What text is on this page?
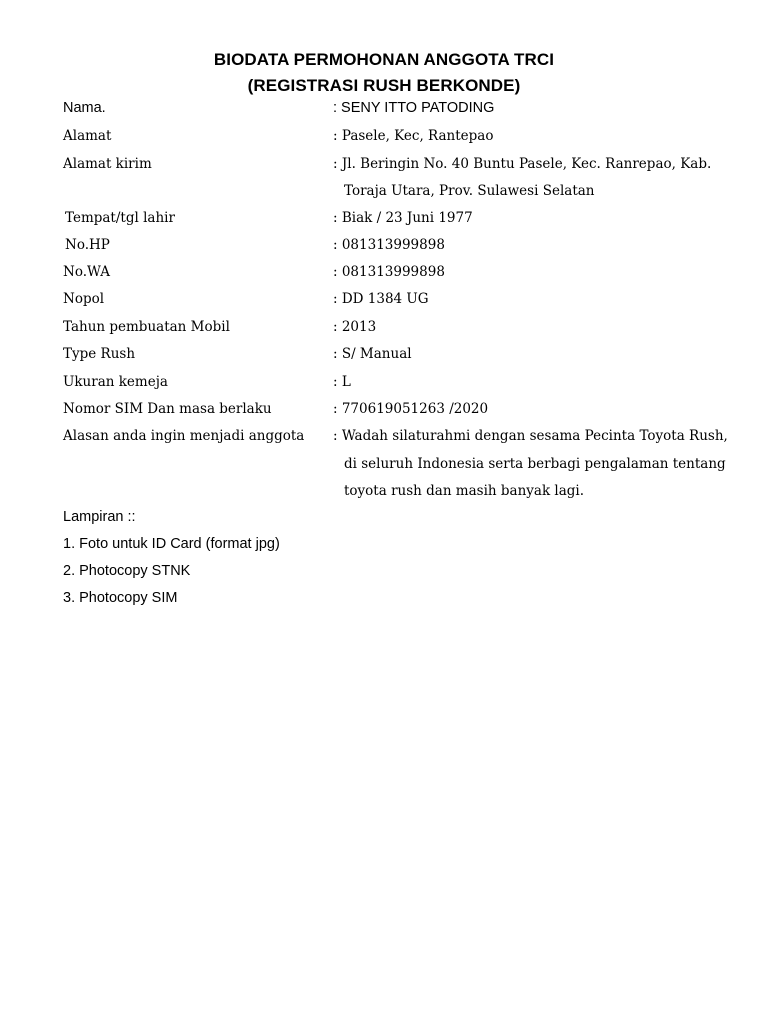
BIODATA PERMOHONAN ANGGOTA TRCI
(REGISTRASI RUSH BERKONDE)
Nama.	: SENY ITTO PATODING
Alamat	: Pasele, Kec, Rantepao
Alamat kirim	: Jl. Beringin No. 40 Buntu Pasele, Kec. Ranrepao, Kab.
Toraja Utara, Prov. Sulawesi Selatan
Tempat/tgl lahir	: Biak / 23 Juni 1977
No.HP	: 081313999898
No.WA	: 081313999898
Nopol	: DD 1384 UG
Tahun pembuatan Mobil	: 2013
Type Rush	: S/ Manual
Ukuran kemeja	: L
Nomor SIM Dan masa berlaku	: 770619051263 /2020
Alasan anda ingin menjadi anggota : Wadah silaturahmi dengan sesama Pecinta Toyota Rush,
di seluruh Indonesia serta berbagi pengalaman tentang
toyota rush dan masih banyak lagi.
Lampiran ::
1. Foto untuk ID Card (format jpg)
2. Photocopy STNK
3. Photocopy SIM
